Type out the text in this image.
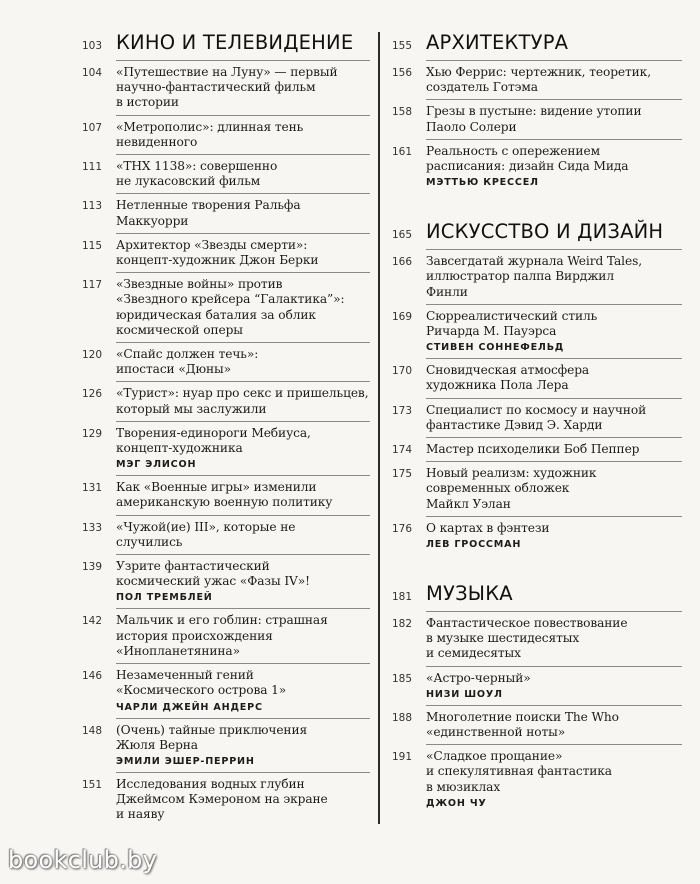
103 КИНО И ТЕЛЕВИДЕНИЕ
104	«Путешествие на Луну» — первый
научно-фантастический фильм
в истории
107	«Метрополис»: длинная тень
невиденного
111	«THX 1138»: совершенно
не лукасовский фильм
113	Нетленные творения Ральфа
Маккуорри
115	Архитектор «Звезды смерти»:
концепт-художник Джон Берки
117	«Звездные войны» против
«Звездного крейсера “Галактика”»:
юридическая баталия за облик
космической оперы
120	«Спайс должен течь»:
ипостаси «Дюны»
126	«Турист»: нуар про секс и пришельцев,
который мы заслужили
129	Творения-единороги Мебиуса,
концепт-художника
МЭГ ЭЛИСОН
131	Как «Военные игры» изменили
американскую военную политику
133	«Чужой(ие) III», которые не
случились
139	Узрите фантастический
космический ужас «Фазы IV»!
ПОЛ ТРЕМБЛЕЙ
142	Мальчик и его гоблин: страшная
история происхождения
«Инопланетянина»
146	Незамеченный гений
«Космического острова 1»
ЧАРЛИ ДЖЕЙН АНДЕРС
148	(Очень) тайные приключения
Жюля Верна
ЭМИЛИ ЭШЕР-ПЕРРИН
151	Исследования водных глубин
Джеймсом Кэмероном на экране
и наяву
155 АРХИТЕКТУРА
156	Хью Феррис: чертежник, теоретик,
создатель Готэма
158	Грезы в пустыне: видение утопии
Паоло Солери
161	Реальность с опережением
расписания: дизайн Сида Мида
МЭТТЬЮ КРЕССЕЛ
165 ИСКУССТВО И ДИЗАЙН
166	Завсегдатай журнала Weird Tales,
иллюстратор палпа Вирджил
Финли
169	Сюрреалистический стиль
Ричарда М. Пауэрса
СТИВЕН СОННЕФЕЛЬД
170	Сновидческая атмосфера
художника Пола Лера
173	Специалист по космосу и научной
фантастике Дэвид Э. Харди
174	Мастер психоделики Боб Пеппер
175	Новый реализм: художник
современных обложек
Майкл Уэлан
176	О картах в фэнтези
ЛЕВ ГРОССМАН
181 МУЗЫКА
182	Фантастическое повествование
в музыке шестидесятых
и семидесятых
185	«Астро-черный»
НИЗИ ШОУЛ
188	Многолетние поиски The Who
«единственной ноты»
191	«Сладкое прощание»
и спекулятивная фантастика
в мюзиклах
ДЖОН ЧУ
bookclub.by
